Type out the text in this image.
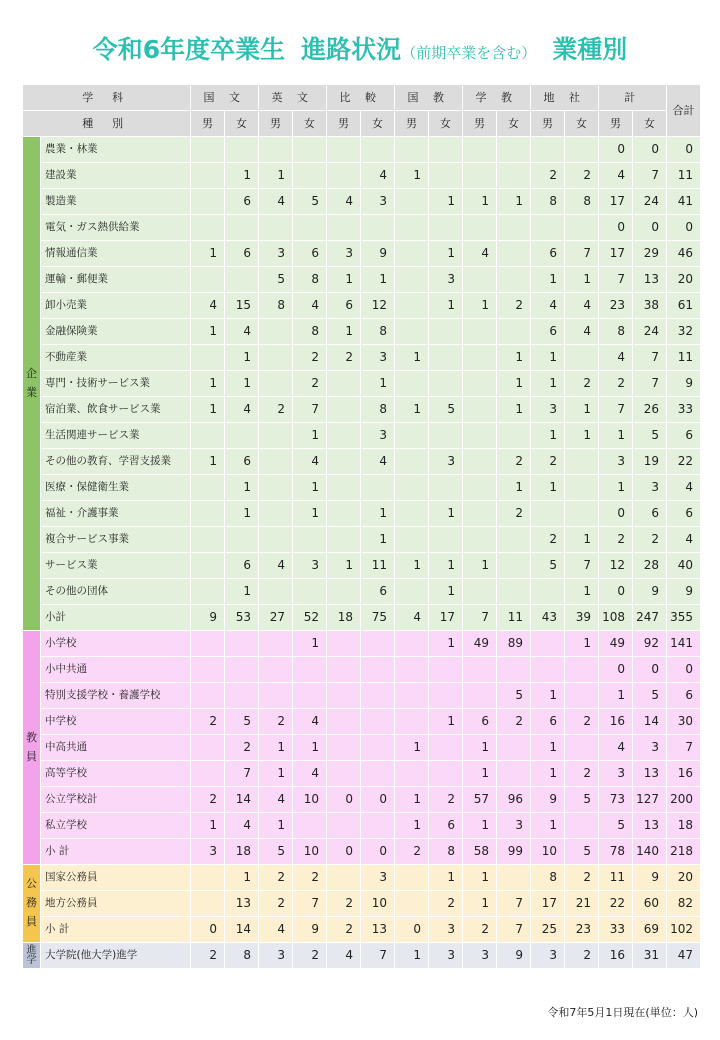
令和6年度卒業生 進路状況（前期卒業を含む） 業種別
学 科		国 文		英 文		比 較		国 教		学 教		地 社		計		合計
種 別		男	女	男	女	男	女	男	女	男	女	男	女	男	女	

企
業	農業・林業													0	0	0
	建設業		1	1			4	1				2	2	4	7	11
	製造業		6	4	5	4	3		1	1	1	8	8	17	24	41
	電気・ガス熱供給業													0	0	0
	情報通信業	1	6	3	6	3	9		1	4		6	7	17	29	46
	運輸・郵便業			5	8	1	1		3			1	1	7	13	20
	卸小売業	4	15	8	4	6	12		1	1	2	4	4	23	38	61
	金融保険業	1	4		8	1	8					6	4	8	24	32
	不動産業		1		2	2	3	1			1	1		4	7	11
	専門・技術サービス業	1	1		2		1				1	1	2	2	7	9
	宿泊業、飲食サービス業	1	4	2	7		8	1	5		1	3	1	7	26	33
	生活関連サービス業				1		3					1	1	1	5	6
	その他の教育、学習支援業	1	6		4		4		3		2	2		3	19	22
	医療・保健衛生業		1		1						1	1		1	3	4
	福祉・介護事業		1		1		1		1		2			0	6	6
	複合サービス事業						1					2	1	2	2	4
	サービス業		6	4	3	1	11	1	1	1		5	7	12	28	40
	その他の団体		1				6		1				1	0	9	9
	小計	9	53	27	52	18	75	4	17	7	11	43	39	108	247	355

教
員	小学校				1				1	49	89		1	49	92	141
	小中共通													0	0	0
	特別支援学校・養護学校										5	1		1	5	6
	中学校	2	5	2	4				1	6	2	6	2	16	14	30
	中高共通		2	1	1			1		1		1		4	3	7
	高等学校		7	1	4					1		1	2	3	13	16
	公立学校計	2	14	4	10	0	0	1	2	57	96	9	5	73	127	200
	私立学校	1	4	1				1	6	1	3	1		5	13	18
	小 計	3	18	5	10	0	0	2	8	58	99	10	5	78	140	218

公
務
員	国家公務員		1	2	2		3		1	1		8	2	11	9	20
	地方公務員		13	2	7	2	10		2	1	7	17	21	22	60	82
	小 計	0	14	4	9	2	13	0	3	2	7	25	23	33	69	102

進
学	大学院(他大学)進学	2	8	3	2	4	7	1	3	3	9	3	2	16	31	47
令和7年5月1日現在(単位：人)
